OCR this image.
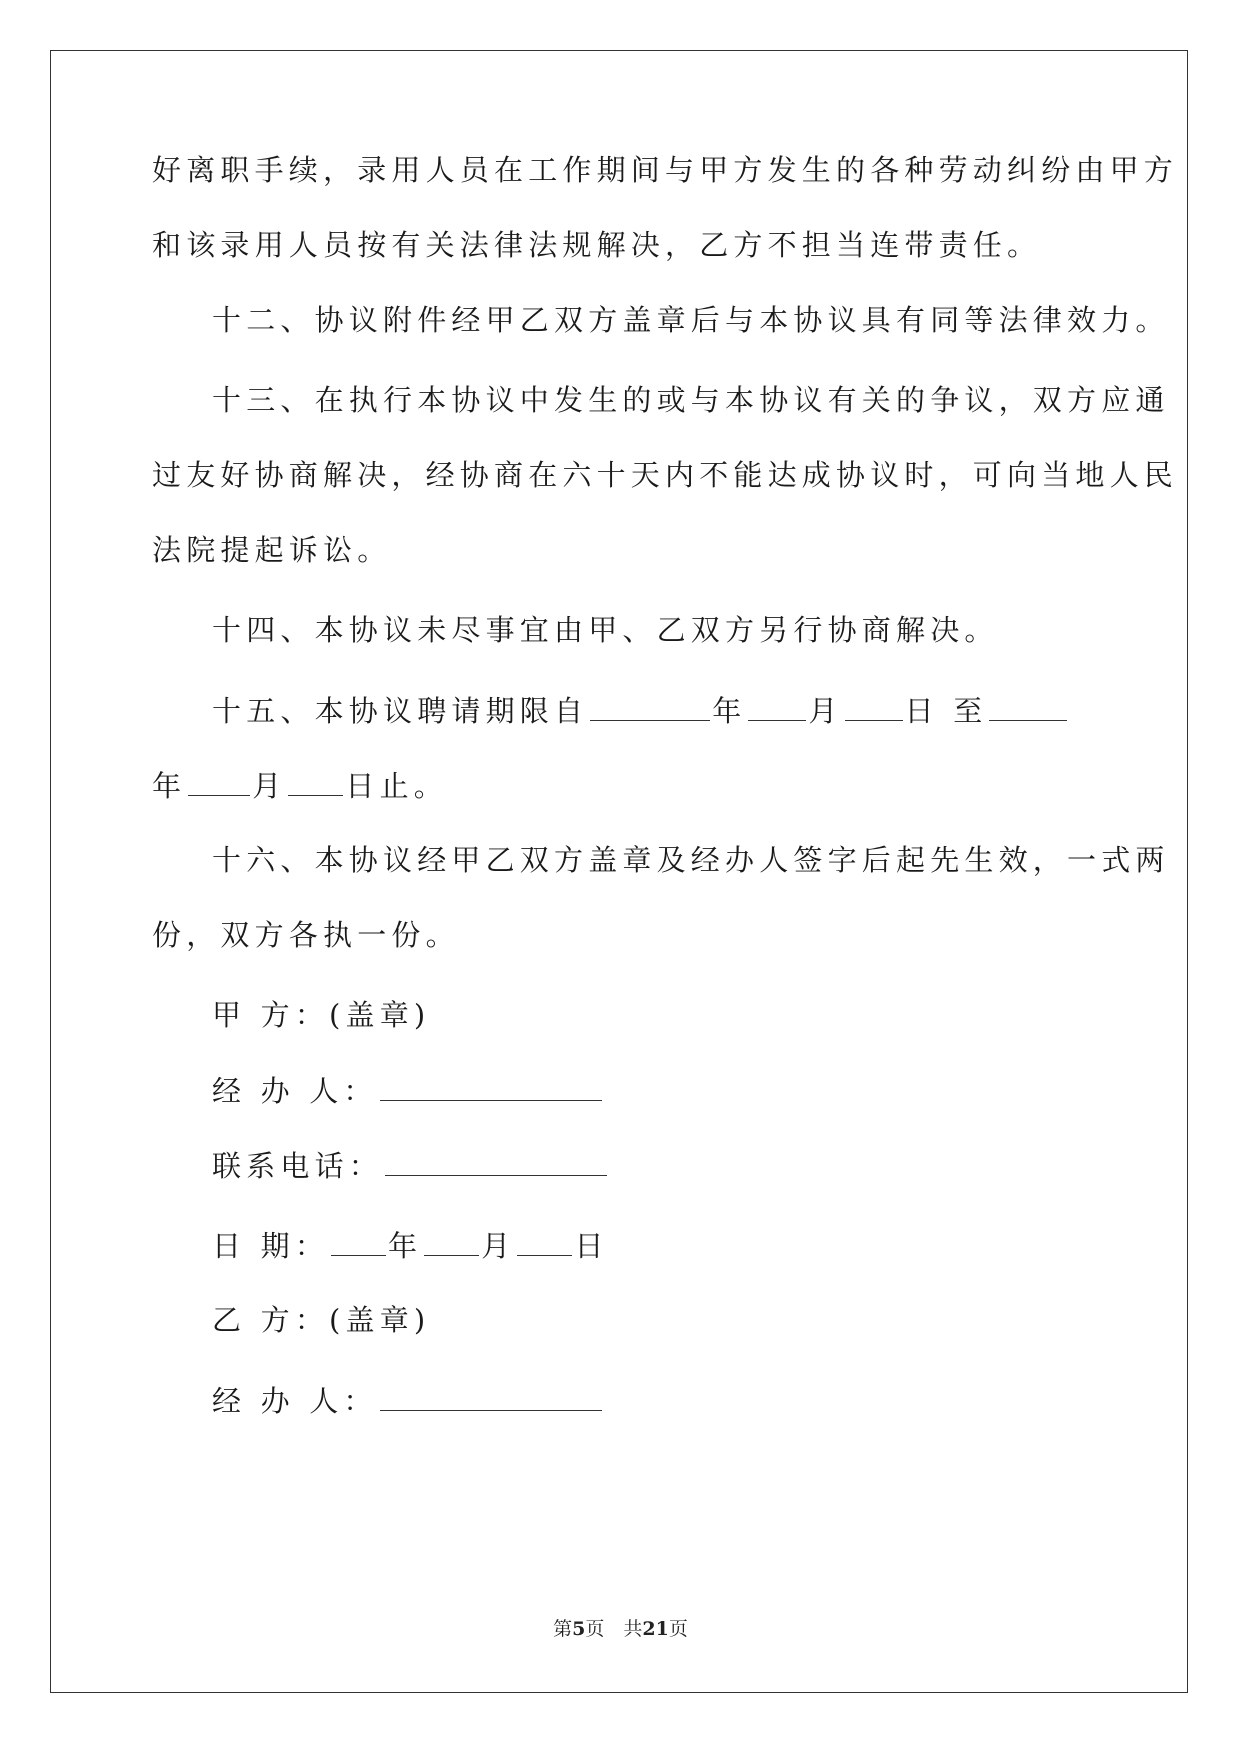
好离职手续，录用人员在工作期间与甲方发生的各种劳动纠纷由甲方
和该录用人员按有关法律法规解决，乙方不担当连带责任。
十二、协议附件经甲乙双方盖章后与本协议具有同等法律效力。
十三、在执行本协议中发生的或与本协议有关的争议，双方应通
过友好协商解决，经协商在六十天内不能达成协议时，可向当地人民
法院提起诉讼。
十四、本协议未尽事宜由甲、乙双方另行协商解决。
十五、本协议聘请期限自	年 月 日 至
年 月 日止。
十六、本协议经甲乙双方盖章及经办人签字后起先生效，一式两
份，双方各执一份。
甲 方：(盖章)
经 办 人：
联系电话：
日 期： 年 月 日
乙 方：(盖章)
经 办 人：
第5页　共21页
